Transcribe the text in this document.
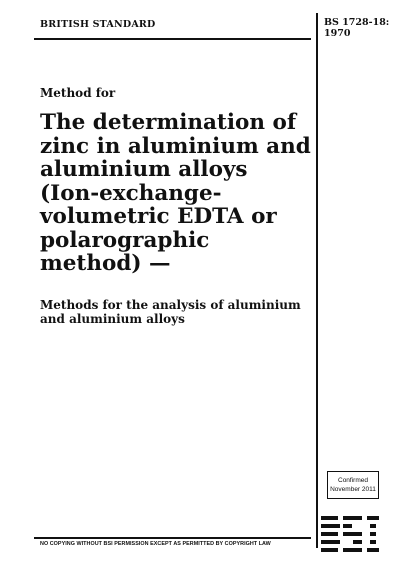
BRITISH STANDARD	BS 1728-18:
1970
Method for
The determination of zinc in aluminium and aluminium alloys (Ion-exchange-volumetric EDTA or polarographic method) —

Methods for the analysis of aluminium and aluminium alloys

Confirmed
November 2011
NO COPYING WITHOUT BSI PERMISSION EXCEPT AS PERMITTED BY COPYRIGHT LAW
